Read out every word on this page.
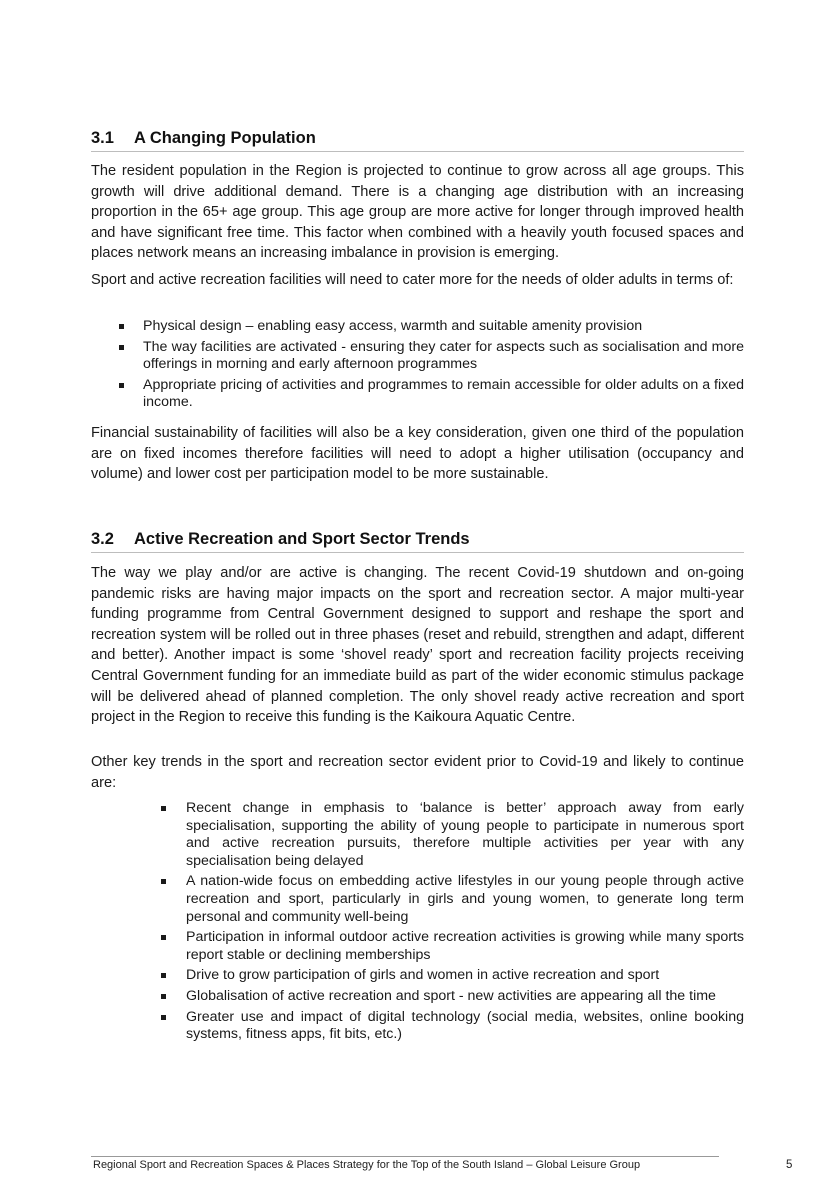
3.1 A Changing Population

The resident population in the Region is projected to continue to grow across all age groups. This growth will drive additional demand. There is a changing age distribution with an increasing proportion in the 65+ age group. This age group are more active for longer through improved health and have significant free time. This factor when combined with a heavily youth focused spaces and places network means an increasing imbalance in provision is emerging.

Sport and active recreation facilities will need to cater more for the needs of older adults in terms of:

Physical design – enabling easy access, warmth and suitable amenity provision
The way facilities are activated - ensuring they cater for aspects such as socialisation and more offerings in morning and early afternoon programmes
Appropriate pricing of activities and programmes to remain accessible for older adults on a fixed income.

Financial sustainability of facilities will also be a key consideration, given one third of the population are on fixed incomes therefore facilities will need to adopt a higher utilisation (occupancy and volume) and lower cost per participation model to be more sustainable.

3.2 Active Recreation and Sport Sector Trends

The way we play and/or are active is changing. The recent Covid-19 shutdown and on-going pandemic risks are having major impacts on the sport and recreation sector. A major multi-year funding programme from Central Government designed to support and reshape the sport and recreation system will be rolled out in three phases (reset and rebuild, strengthen and adapt, different and better). Another impact is some ‘shovel ready’ sport and recreation facility projects receiving Central Government funding for an immediate build as part of the wider economic stimulus package will be delivered ahead of planned completion. The only shovel ready active recreation and sport project in the Region to receive this funding is the Kaikoura Aquatic Centre.

Other key trends in the sport and recreation sector evident prior to Covid-19 and likely to continue are:

Recent change in emphasis to ‘balance is better’ approach away from early specialisation, supporting the ability of young people to participate in numerous sport and active recreation pursuits, therefore multiple activities per year with any specialisation being delayed
A nation-wide focus on embedding active lifestyles in our young people through active recreation and sport, particularly in girls and young women, to generate long term personal and community well-being
Participation in informal outdoor active recreation activities is growing while many sports report stable or declining memberships
Drive to grow participation of girls and women in active recreation and sport
Globalisation of active recreation and sport - new activities are appearing all the time
Greater use and impact of digital technology (social media, websites, online booking systems, fitness apps, fit bits, etc.)
Regional Sport and Recreation Spaces & Places Strategy for the Top of the South Island – Global Leisure Group	5
